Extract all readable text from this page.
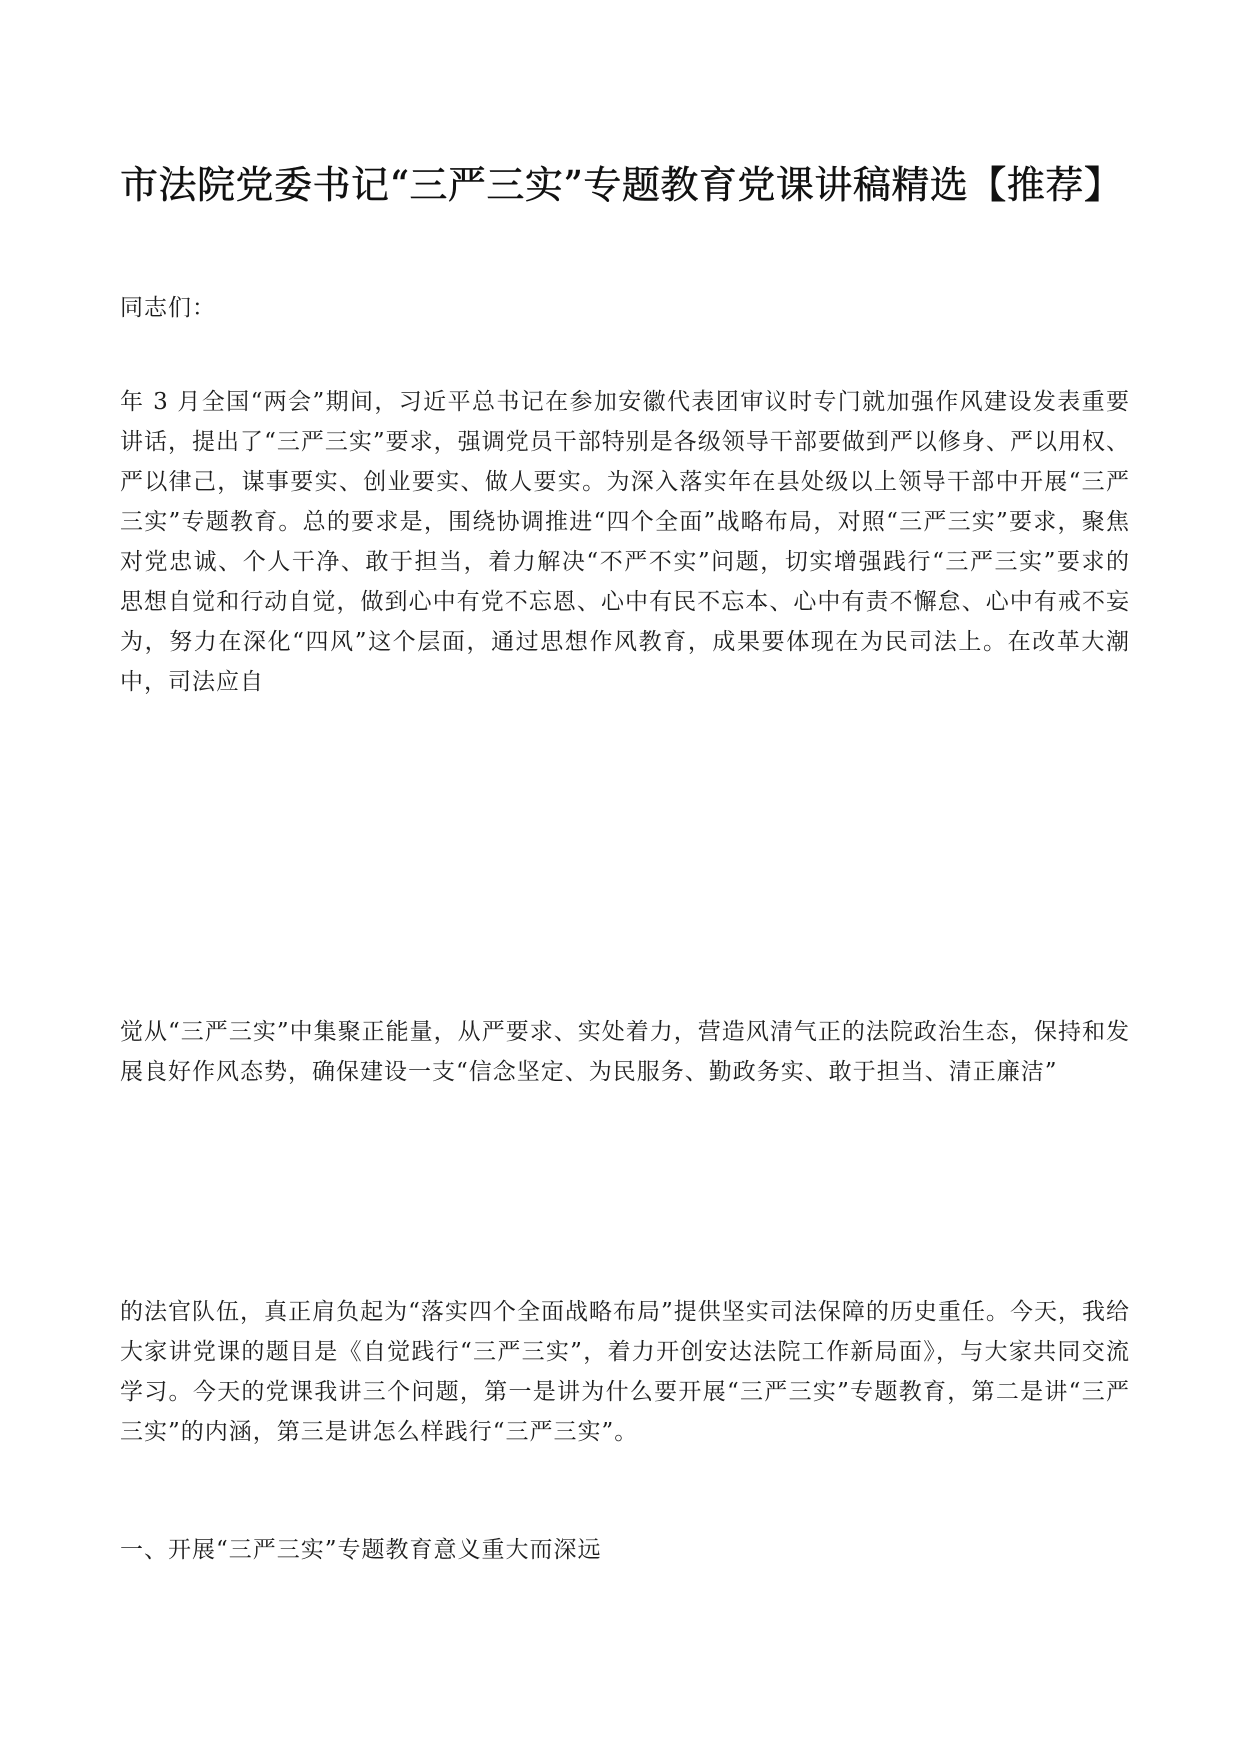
市法院党委书记“三严三实”专题教育党课讲稿精选【推荐】

同志们：

年 3 月全国“两会”期间，习近平总书记在参加安徽代表团审议时专门就加强作风建设发表重要讲话，提出了“三严三实”要求，强调党员干部特别是各级领导干部要做到严以修身、严以用权、严以律己，谋事要实、创业要实、做人要实。为深入落实年在县处级以上领导干部中开展“三严三实”专题教育。总的要求是，围绕协调推进“四个全面”战略布局，对照“三严三实”要求，聚焦对党忠诚、个人干净、敢于担当，着力解决“不严不实”问题，切实增强践行“三严三实”要求的思想自觉和行动自觉，做到心中有党不忘恩、心中有民不忘本、心中有责不懈怠、心中有戒不妄为，努力在深化“四风”这个层面，通过思想作风教育，成果要体现在为民司法上。在改革大潮中，司法应自

觉从“三严三实”中集聚正能量，从严要求、实处着力，营造风清气正的法院政治生态，保持和发展良好作风态势，确保建设一支“信念坚定、为民服务、勤政务实、敢于担当、清正廉洁”

的法官队伍，真正肩负起为“落实四个全面战略布局”提供坚实司法保障的历史重任。今天，我给大家讲党课的题目是《自觉践行“三严三实”，着力开创安达法院工作新局面》，与大家共同交流学习。今天的党课我讲三个问题，第一是讲为什么要开展“三严三实”专题教育，第二是讲“三严三实”的内涵，第三是讲怎么样践行“三严三实”。

一、开展“三严三实”专题教育意义重大而深远
